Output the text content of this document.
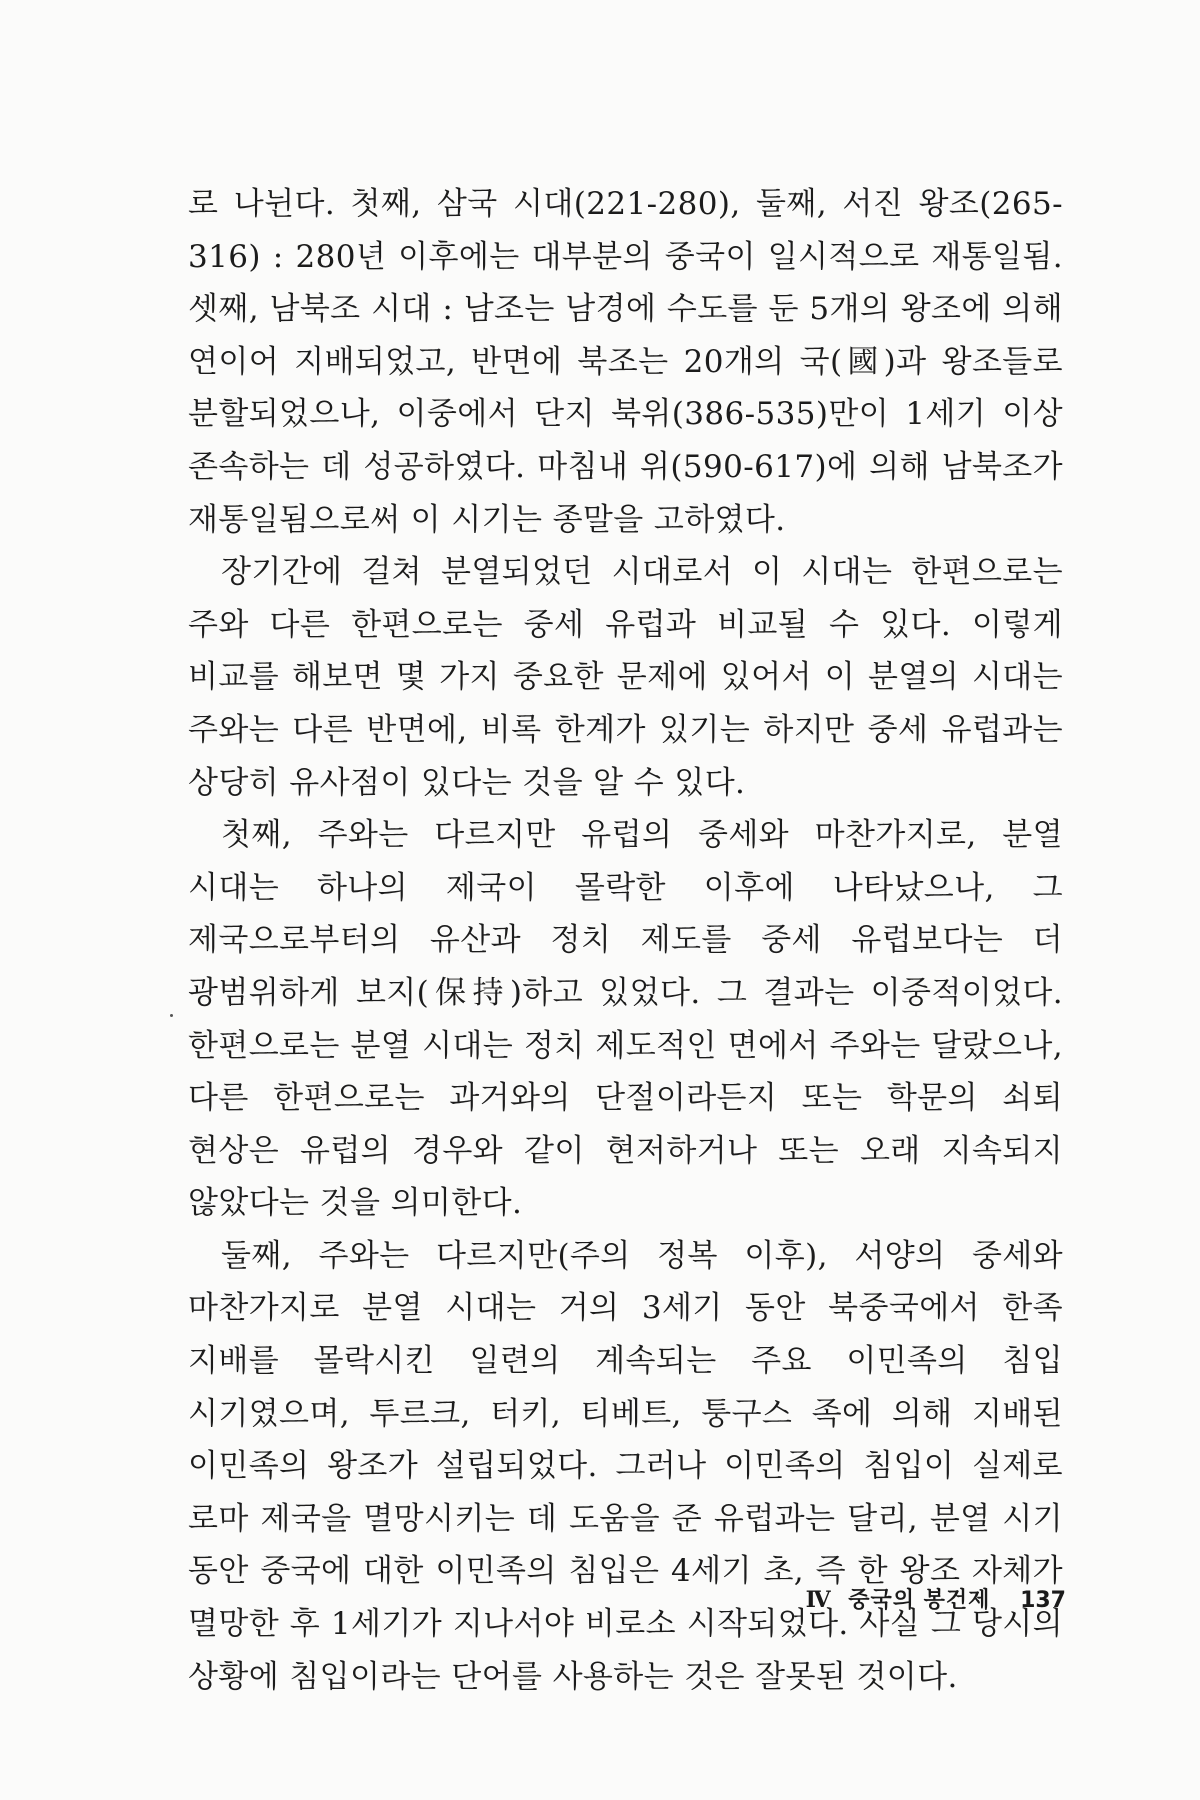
로 나뉜다. 첫째, 삼국 시대(221-280), 둘째, 서진 왕조(265-316) : 280년 이후에는 대부분의 중국이 일시적으로 재통일됨. 셋째, 남북조 시대 : 남조는 남경에 수도를 둔 5개의 왕조에 의해 연이어 지배되었고, 반면에 북조는 20개의 국(國)과 왕조들로 분할되었으나, 이중에서 단지 북위(386-535)만이 1세기 이상 존속하는 데 성공하였다. 마침내 위(590-617)에 의해 남북조가 재통일됨으로써 이 시기는 종말을 고하였다.

장기간에 걸쳐 분열되었던 시대로서 이 시대는 한편으로는 주와 다른 한편으로는 중세 유럽과 비교될 수 있다. 이렇게 비교를 해보면 몇 가지 중요한 문제에 있어서 이 분열의 시대는 주와는 다른 반면에, 비록 한계가 있기는 하지만 중세 유럽과는 상당히 유사점이 있다는 것을 알 수 있다.

첫째, 주와는 다르지만 유럽의 중세와 마찬가지로, 분열 시대는 하나의 제국이 몰락한 이후에 나타났으나, 그 제국으로부터의 유산과 정치 제도를 중세 유럽보다는 더 광범위하게 보지(保持)하고 있었다. 그 결과는 이중적이었다. 한편으로는 분열 시대는 정치 제도적인 면에서 주와는 달랐으나, 다른 한편으로는 과거와의 단절이라든지 또는 학문의 쇠퇴 현상은 유럽의 경우와 같이 현저하거나 또는 오래 지속되지 않았다는 것을 의미한다.

둘째, 주와는 다르지만(주의 정복 이후), 서양의 중세와 마찬가지로 분열 시대는 거의 3세기 동안 북중국에서 한족 지배를 몰락시킨 일련의 계속되는 주요 이민족의 침입 시기였으며, 투르크, 터키, 티베트, 퉁구스 족에 의해 지배된 이민족의 왕조가 설립되었다. 그러나 이민족의 침입이 실제로 로마 제국을 멸망시키는 데 도움을 준 유럽과는 달리, 분열 시기 동안 중국에 대한 이민족의 침입은 4세기 초, 즉 한 왕조 자체가 멸망한 후 1세기가 지나서야 비로소 시작되었다. 사실 그 당시의 상황에 침입이라는 단어를 사용하는 것은 잘못된 것이다.

Ⅳ 중국의 봉건제 137
